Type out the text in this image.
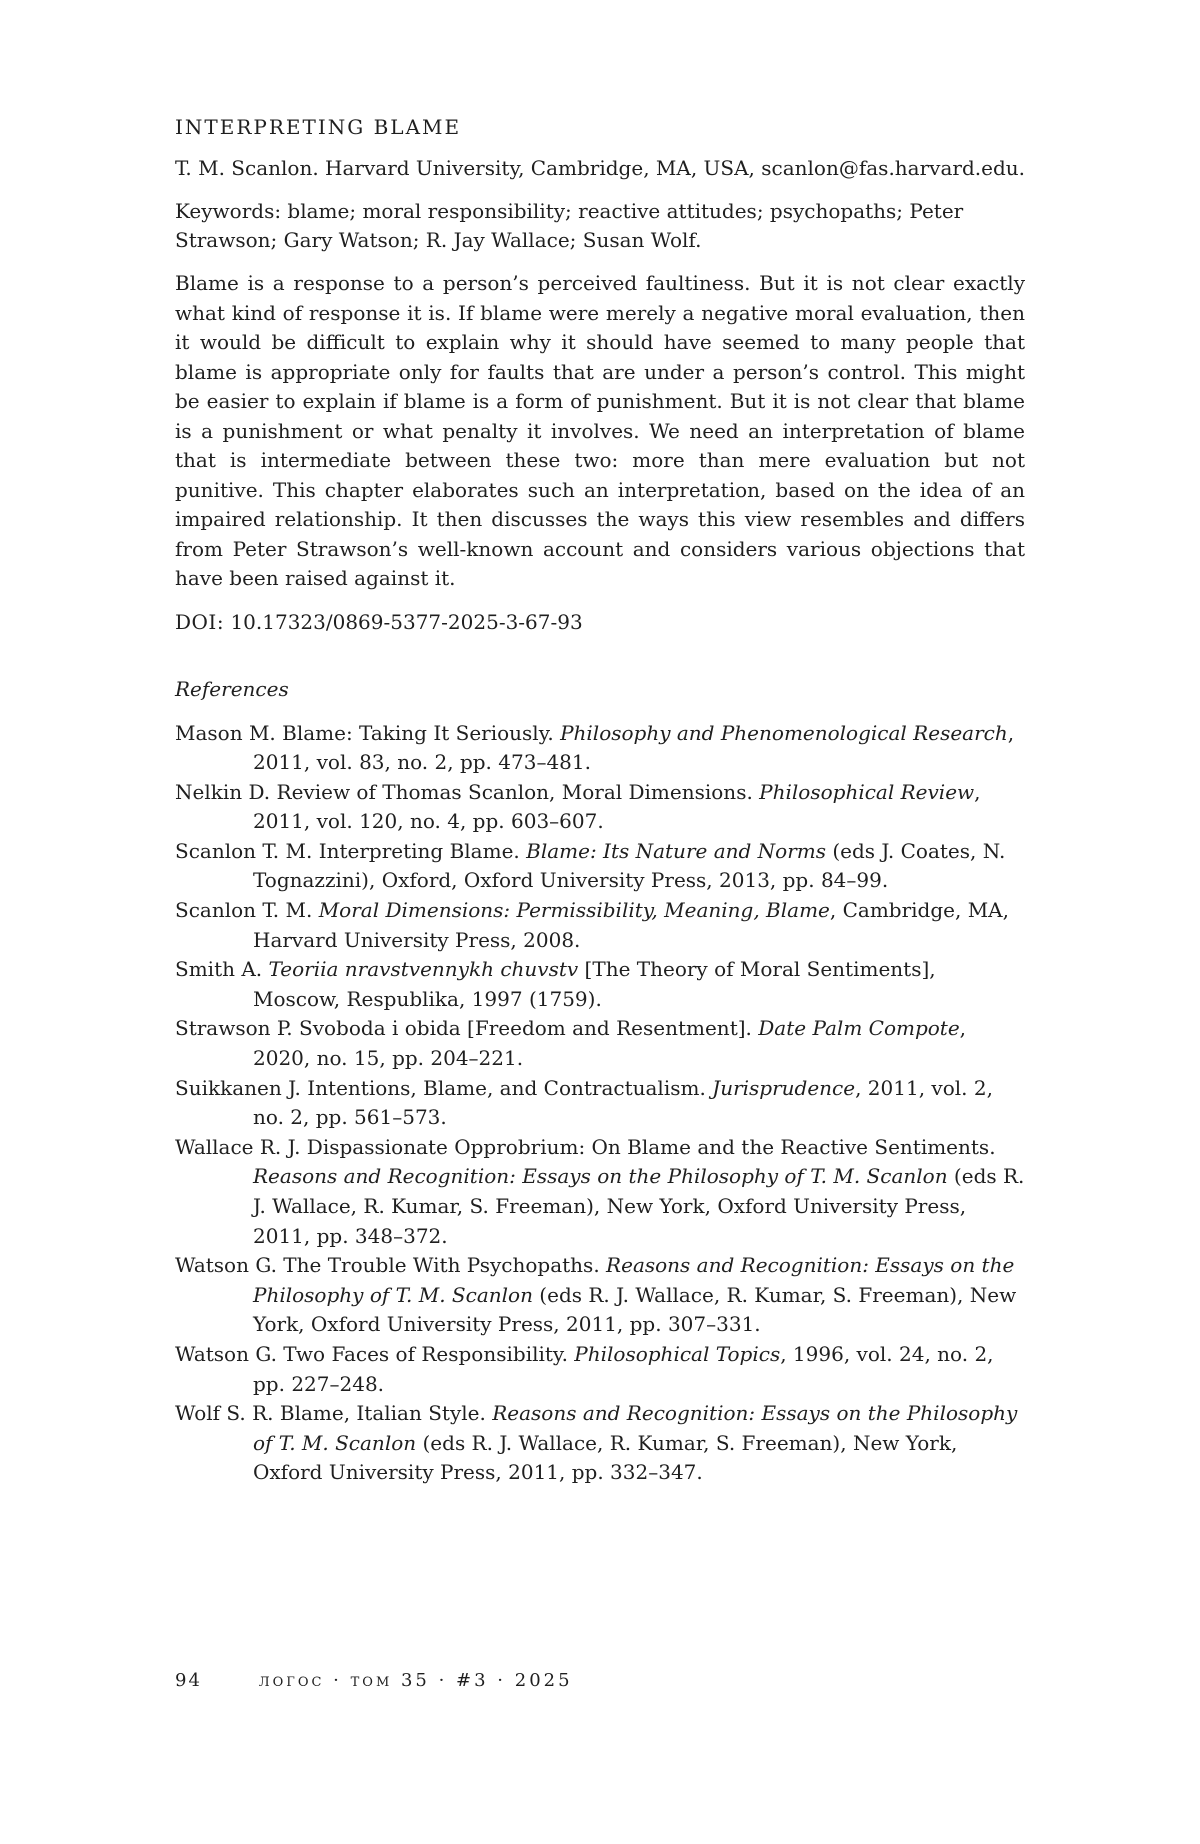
INTERPRETING BLAME

T. M. Scanlon. Harvard University, Cambridge, MA, USA, scanlon@fas.harvard.edu.

Keywords: blame; moral responsibility; reactive attitudes; psychopaths; Peter Strawson; Gary Watson; R. Jay Wallace; Susan Wolf.

Blame is a response to a person’s perceived faultiness. But it is not clear exactly what kind of response it is. If blame were merely a negative moral evaluation, then it would be difficult to explain why it should have seemed to many people that blame is appropriate only for faults that are under a person’s control. This might be easier to explain if blame is a form of punishment. But it is not clear that blame is a punishment or what penalty it involves. We need an interpretation of blame that is intermediate between these two: more than mere evaluation but not punitive. This chapter elaborates such an interpretation, based on the idea of an impaired relationship. It then discusses the ways this view resembles and differs from Peter Strawson’s well-known account and considers various objections that have been raised against it.

DOI: 10.17323/0869-5377-2025-3-67-93

References
Mason M. Blame: Taking It Seriously. Philosophy and Phenomenological Research, 2011, vol. 83, no. 2, pp. 473–481.
Nelkin D. Review of Thomas Scanlon, Moral Dimensions. Philosophical Review, 2011, vol. 120, no. 4, pp. 603–607.
Scanlon T. M. Interpreting Blame. Blame: Its Nature and Norms (eds J. Coates, N. Tognazzini), Oxford, Oxford University Press, 2013, pp. 84–99.
Scanlon T. M. Moral Dimensions: Permissibility, Meaning, Blame, Cambridge, MA, Harvard University Press, 2008.
Smith A. Teoriia nravstvennykh chuvstv [The Theory of Moral Sentiments], Moscow, Respublika, 1997 (1759).
Strawson P. Svoboda i obida [Freedom and Resentment]. Date Palm Compote, 2020, no. 15, pp. 204–221.
Suikkanen J. Intentions, Blame, and Contractualism. Jurisprudence, 2011, vol. 2, no. 2, pp. 561–573.
Wallace R. J. Dispassionate Opprobrium: On Blame and the Reactive Sentiments. Reasons and Recognition: Essays on the Philosophy of T. M. Scanlon (eds R. J. Wallace, R. Kumar, S. Freeman), New York, Oxford University Press, 2011, pp. 348–372.
Watson G. The Trouble With Psychopaths. Reasons and Recognition: Essays on the Philosophy of T. M. Scanlon (eds R. J. Wallace, R. Kumar, S. Freeman), New York, Oxford University Press, 2011, pp. 307–331.
Watson G. Two Faces of Responsibility. Philosophical Topics, 1996, vol. 24, no. 2, pp. 227–248.
Wolf S. R. Blame, Italian Style. Reasons and Recognition: Essays on the Philosophy of T. M. Scanlon (eds R. J. Wallace, R. Kumar, S. Freeman), New York, Oxford University Press, 2011, pp. 332–347.
94	логос · том 35 · #3 · 2025
